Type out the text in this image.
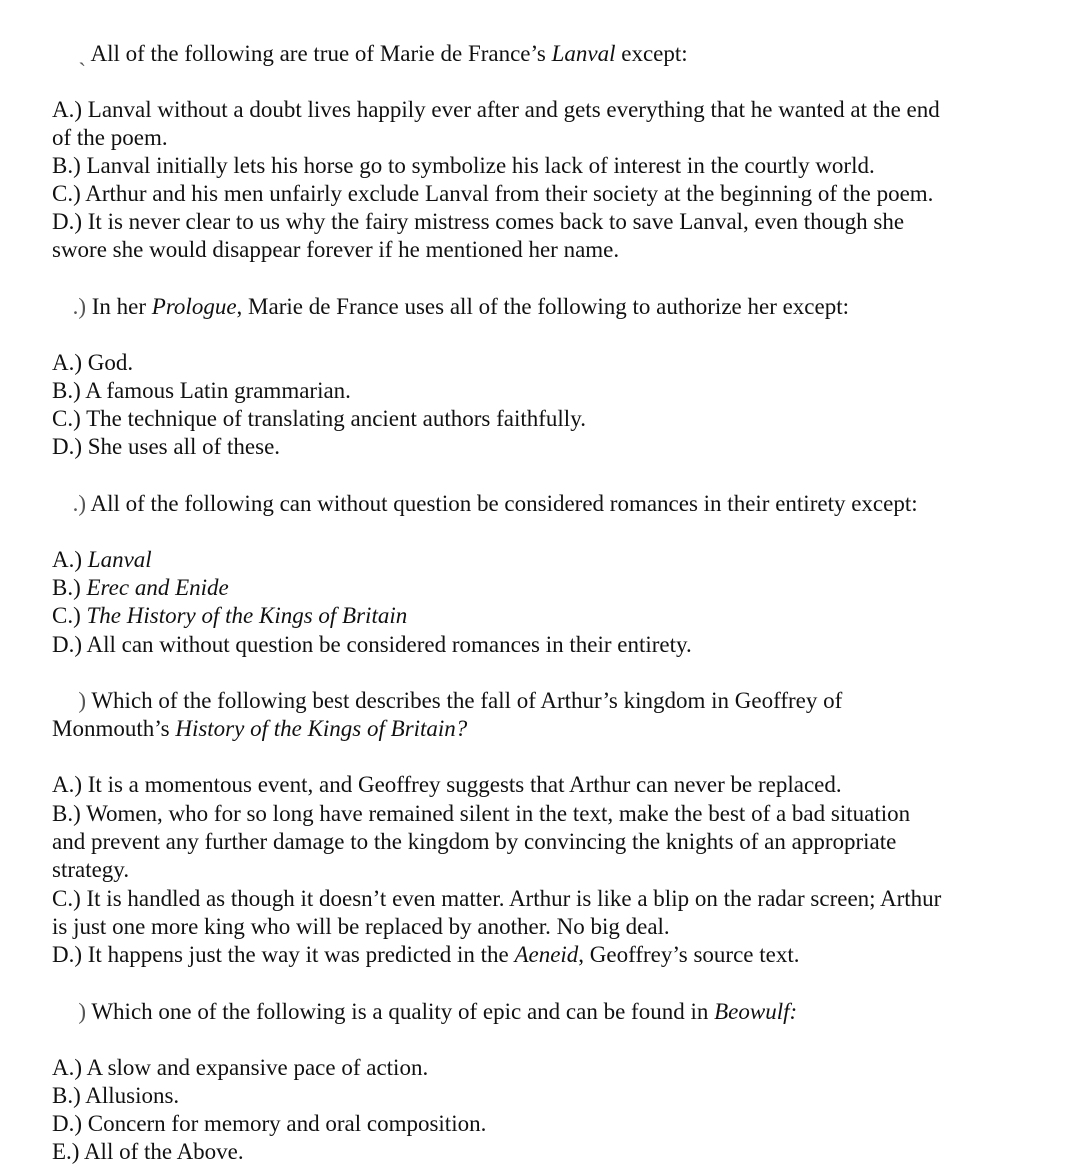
ˏ All of the following are true of Marie de France’s Lanval except:
A.) Lanval without a doubt lives happily ever after and gets everything that he wanted at the end
of the poem.
B.) Lanval initially lets his horse go to symbolize his lack of interest in the courtly world.
C.) Arthur and his men unfairly exclude Lanval from their society at the beginning of the poem.
D.) It is never clear to us why the fairy mistress comes back to save Lanval, even though she
swore she would disappear forever if he mentioned her name.
.) In her Prologue, Marie de France uses all of the following to authorize her except:
A.) God.
B.) A famous Latin grammarian.
C.) The technique of translating ancient authors faithfully.
D.) She uses all of these.
.) All of the following can without question be considered romances in their entirety except:
A.) Lanval
B.) Erec and Enide
C.) The History of the Kings of Britain
D.) All can without question be considered romances in their entirety.
) Which of the following best describes the fall of Arthur’s kingdom in Geoffrey of
Monmouth’s History of the Kings of Britain?
A.) It is a momentous event, and Geoffrey suggests that Arthur can never be replaced.
B.) Women, who for so long have remained silent in the text, make the best of a bad situation
and prevent any further damage to the kingdom by convincing the knights of an appropriate
strategy.
C.) It is handled as though it doesn’t even matter. Arthur is like a blip on the radar screen; Arthur
is just one more king who will be replaced by another. No big deal.
D.) It happens just the way it was predicted in the Aeneid, Geoffrey’s source text.
) Which one of the following is a quality of epic and can be found in Beowulf:
A.) A slow and expansive pace of action.
B.) Allusions.
D.) Concern for memory and oral composition.
E.) All of the Above.
